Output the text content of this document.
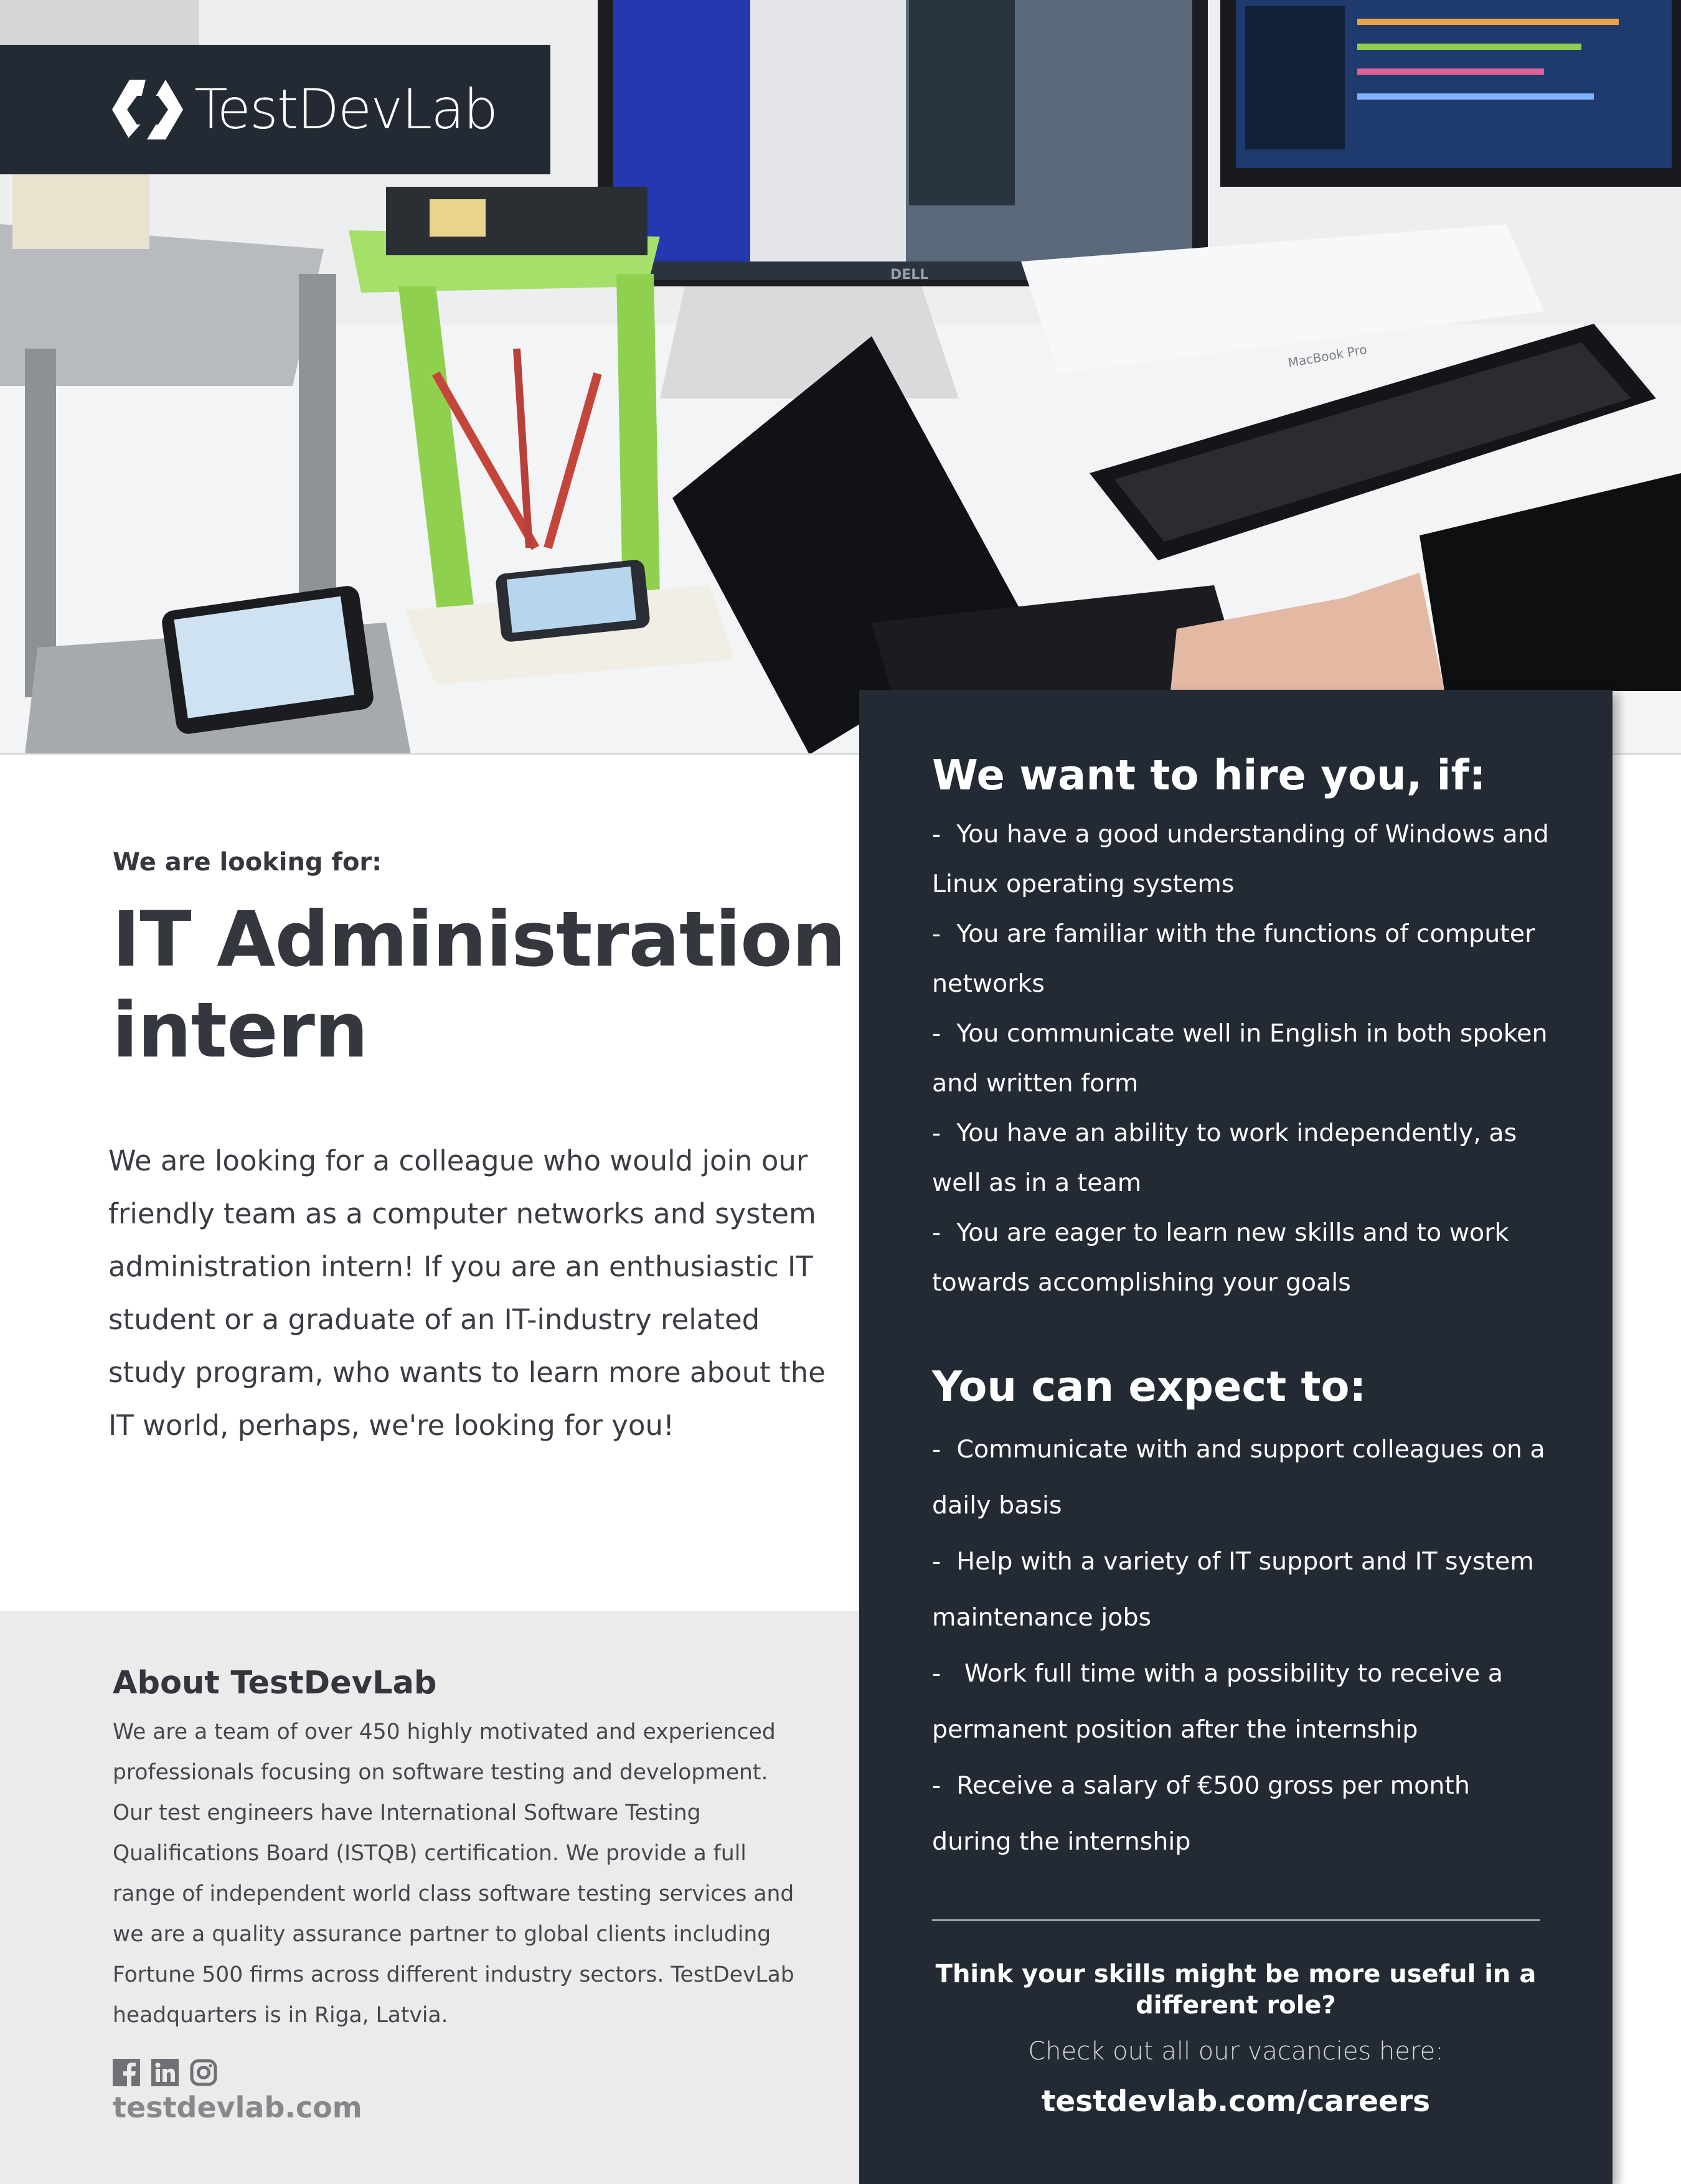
DELL
MacBook Pro
TestDevLab
We are looking for:
IT Administration intern

We are looking for a colleague who would join our friendly team as a computer networks and system administration intern! If you are an enthusiastic IT student or a graduate of an IT-industry related study program, who wants to learn more about the IT world, perhaps, we're looking for you!

About TestDevLab

We are a team of over 450 highly motivated and experienced professionals focusing on software testing and development. Our test engineers have International Software Testing Qualifications Board (ISTQB) certification. We provide a full range of independent world class software testing services and we are a quality assurance partner to global clients including Fortune 500 firms across different industry sectors. TestDevLab headquarters is in Riga, Latvia.

testdevlab.com
We want to hire you, if:
You can expect to:

Think your skills might be more useful in a different role?

Check out all our vacancies here:
testdevlab.com/careers
-  You have a good understanding of Windows and Linux operating systems
-  You are familiar with the functions of computer networks
-  You communicate well in English in both spoken and written form
-  You have an ability to work independently, as well as in a team
-  You are eager to learn new skills and to work towards accomplishing your goals
-  Communicate with and support colleagues on a daily basis
-  Help with a variety of IT support and IT system maintenance jobs
-   Work full time with a possibility to receive a permanent position after the internship
-  Receive a salary of €500 gross per month during the internship
